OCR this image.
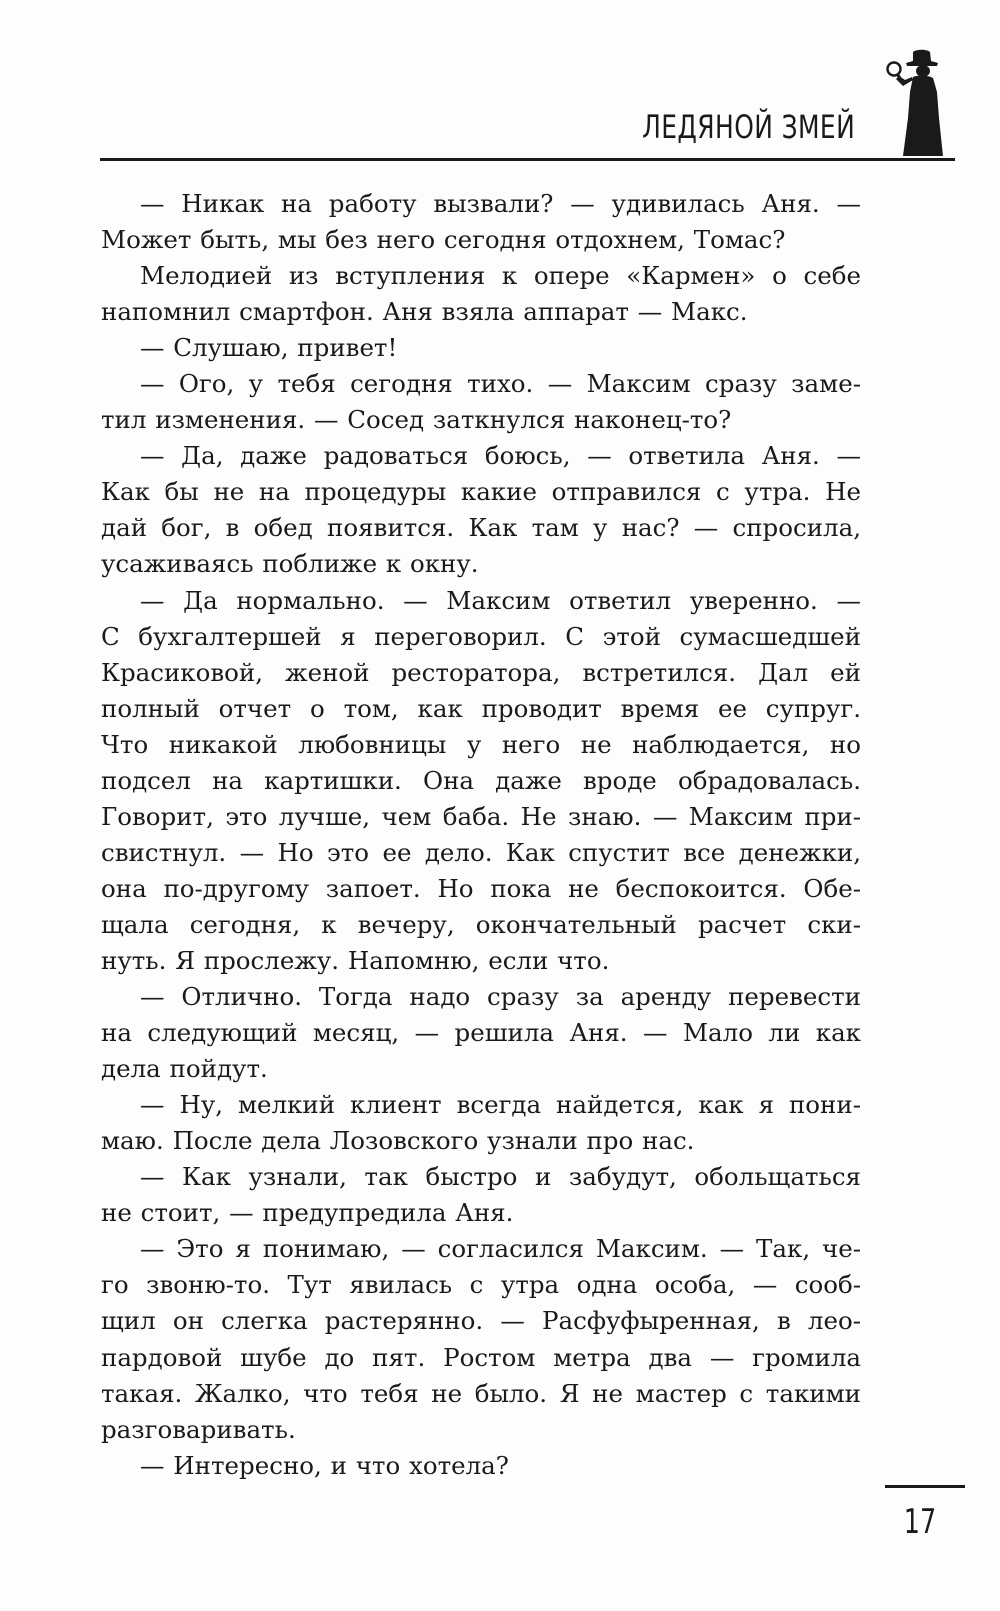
ЛЕДЯНОЙ ЗМЕЙ
— Никак на работу вызвали? — удивилась Аня. —
Может быть, мы без него сегодня отдохнем, Томас?
Мелодией из вступления к опере «Кармен» о себе
напомнил смартфон. Аня взяла аппарат — Макс.
— Слушаю, привет!
— Ого, у тебя сегодня тихо. — Максим сразу заме-
тил изменения. — Сосед заткнулся наконец-то?
— Да, даже радоваться боюсь, — ответила Аня. —
Как бы не на процедуры какие отправился с утра. Не
дай бог, в обед появится. Как там у нас? — спросила,
усаживаясь поближе к окну.
— Да нормально. — Максим ответил уверенно. —
С бухгалтершей я переговорил. С этой сумасшедшей
Красиковой, женой ресторатора, встретился. Дал ей
полный отчет о том, как проводит время ее супруг.
Что никакой любовницы у него не наблюдается, но
подсел на картишки. Она даже вроде обрадовалась.
Говорит, это лучше, чем баба. Не знаю. — Максим при-
свистнул. — Но это ее дело. Как спустит все денежки,
она по-другому запоет. Но пока не беспокоится. Обе-
щала сегодня, к вечеру, окончательный расчет ски-
нуть. Я прослежу. Напомню, если что.
— Отлично. Тогда надо сразу за аренду перевести
на следующий месяц, — решила Аня. — Мало ли как
дела пойдут.
— Ну, мелкий клиент всегда найдется, как я пони-
маю. После дела Лозовского узнали про нас.
— Как узнали, так быстро и забудут, обольщаться
не стоит, — предупредила Аня.
— Это я понимаю, — согласился Максим. — Так, че-
го звоню-то. Тут явилась с утра одна особа, — сооб-
щил он слегка растерянно. — Расфуфыренная, в лео-
пардовой шубе до пят. Ростом метра два — громила
такая. Жалко, что тебя не было. Я не мастер с такими
разговаривать.
— Интересно, и что хотела?
17
